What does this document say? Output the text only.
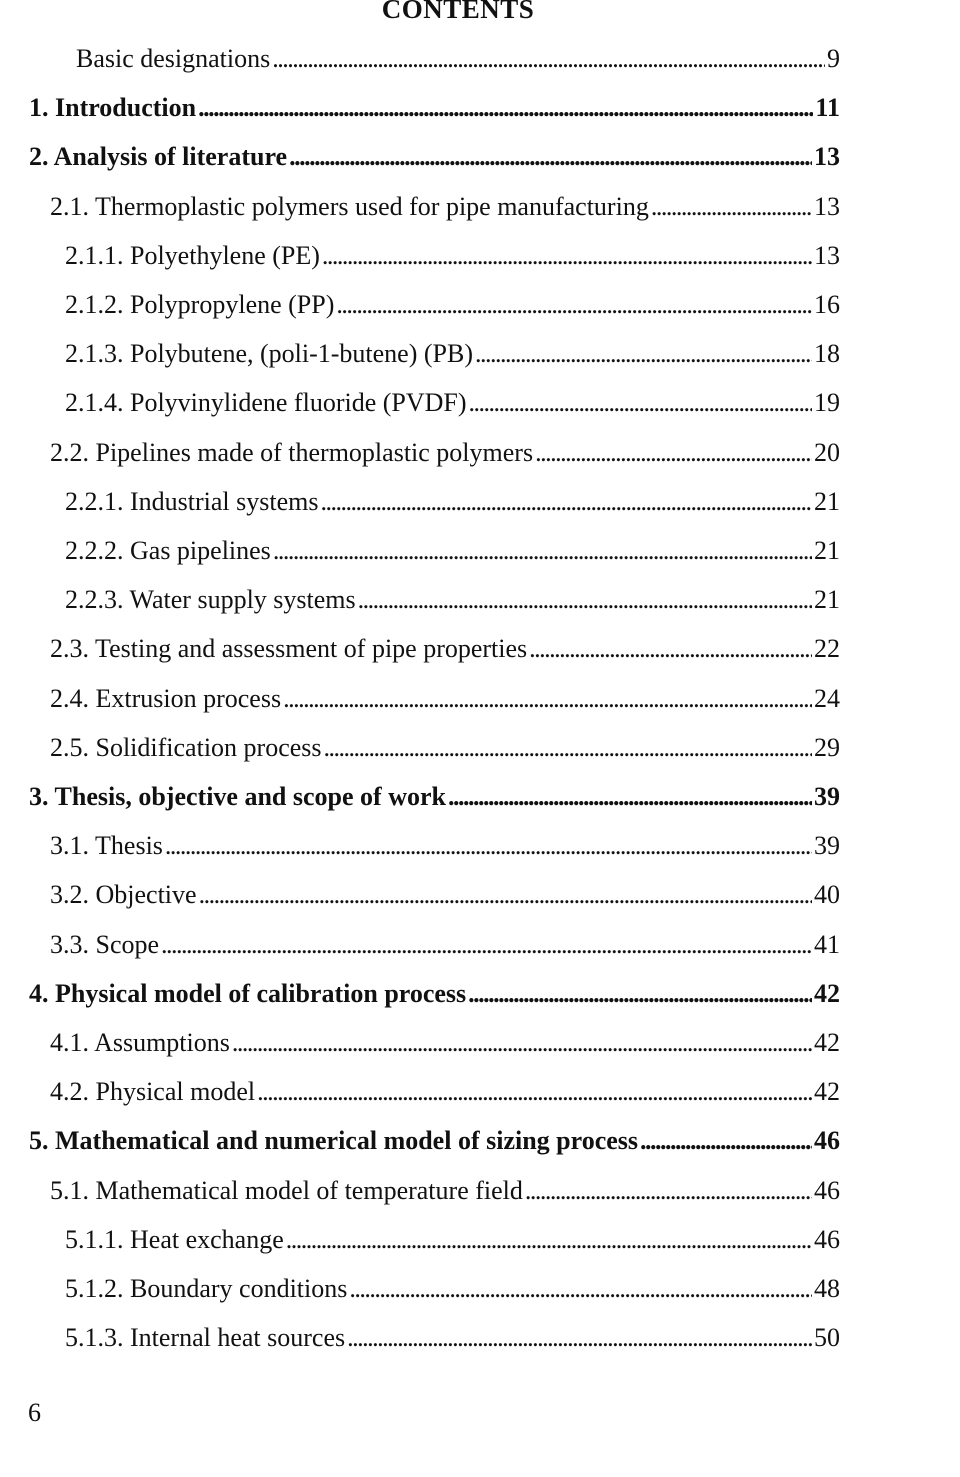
CONTENTS
Basic designations . . .	9
1. Introduction . . .	11
2. Analysis of literature . . .	13
2.1. Thermoplastic polymers used for pipe manufacturing . . .	13
2.1.1. Polyethylene (PE) . . .	13
2.1.2. Polypropylene (PP) . . .	16
2.1.3. Polybutene, (poli-1-butene) (PB) . . .	18
2.1.4. Polyvinylidene fluoride (PVDF) . . .	19
2.2. Pipelines made of thermoplastic polymers . . .	20
2.2.1. Industrial systems . . .	21
2.2.2. Gas pipelines . . .	21
2.2.3. Water supply systems . . .	21
2.3. Testing and assessment of pipe properties . . .	22
2.4. Extrusion process . . .	24
2.5. Solidification process . . .	29
3. Thesis, objective and scope of work . . .	39
3.1. Thesis . . .	39
3.2. Objective . . .	40
3.3. Scope . . .	41
4. Physical model of calibration process . . .	42
4.1. Assumptions . . .	42
4.2. Physical model . . .	42
5. Mathematical and numerical model of sizing process . . .	46
5.1. Mathematical model of temperature field . . .	46
5.1.1. Heat exchange . . .	46
5.1.2. Boundary conditions . . .	48
5.1.3. Internal heat sources . . .	50
6
